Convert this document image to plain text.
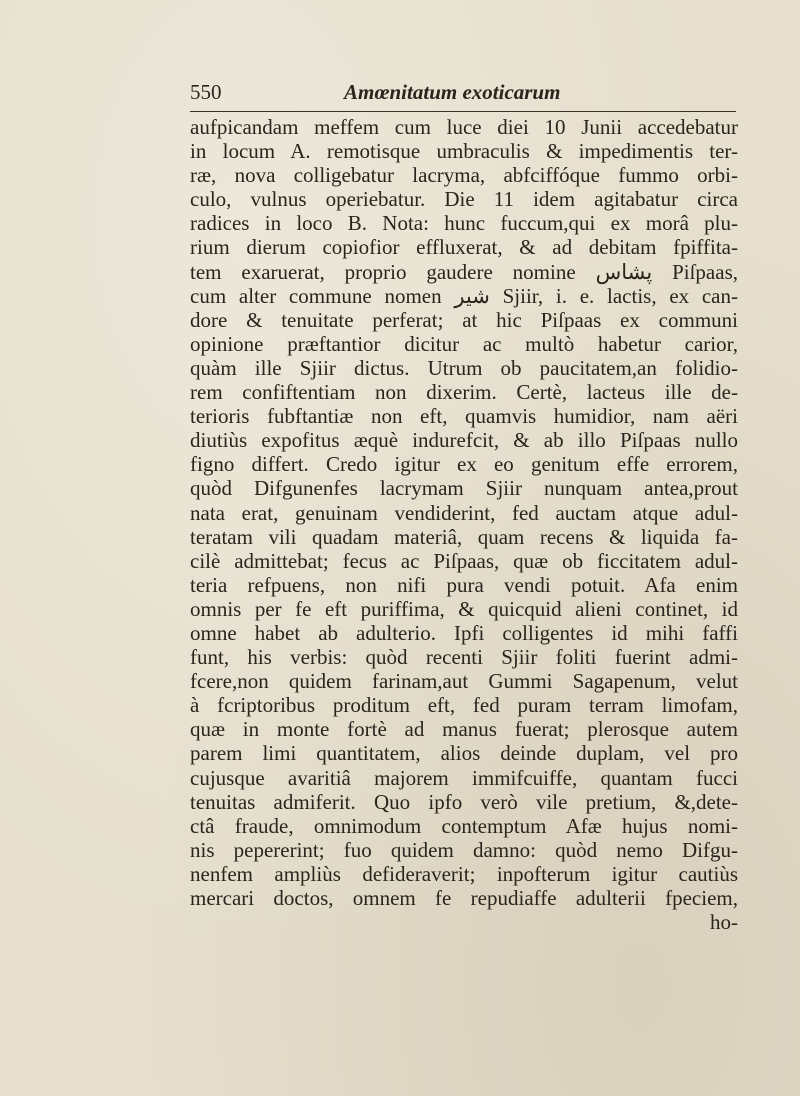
550	Amœnitatum exoticarum
aufpicandam meffem cum luce diei 10 Junii accedebatur
in locum A. remotisque umbraculis & impedimentis ter-
ræ, nova colligebatur lacryma, abfciffóque fummo orbi-
culo, vulnus operiebatur. Die 11 idem agitabatur circa
radices in loco B. Nota: hunc fuccum,qui ex morâ plu-
rium dierum copiofior effluxerat, & ad debitam fpiffita-
tem exaruerat, proprio gaudere nomine پشاس Piſpaas,
cum alter commune nomen شير Sjiir, i. e. lactis, ex can-
dore & tenuitate perferat; at hic Piſpaas ex communi
opinione præftantior dicitur ac multò habetur carior,
quàm ille Sjiir dictus. Utrum ob paucitatem,an folidio-
rem confiftentiam non dixerim. Certè, lacteus ille de-
terioris fubftantiæ non eft, quamvis humidior, nam aëri
diutiùs expofitus æquè indurefcit, & ab illo Piſpaas nullo
figno differt. Credo igitur ex eo genitum effe errorem,
quòd Difgunenfes lacrymam Sjiir nunquam antea,prout
nata erat, genuinam vendiderint, fed auctam atque adul-
teratam vili quadam materiâ, quam recens & liquida fa-
cilè admittebat; fecus ac Piſpaas, quæ ob ficcitatem adul-
teria refpuens, non nifi pura vendi potuit. Afa enim
omnis per fe eft puriffima, & quicquid alieni continet, id
omne habet ab adulterio. Ipfi colligentes id mihi faffi
funt, his verbis: quòd recenti Sjiir foliti fuerint admi-
fcere,non quidem farinam,aut Gummi Sagapenum, velut
à fcriptoribus proditum eft, fed puram terram limofam,
quæ in monte fortè ad manus fuerat; plerosque autem
parem limi quantitatem, alios deinde duplam, vel pro
cujusque avaritiâ majorem immifcuiffe, quantam fucci
tenuitas admiferit. Quo ipfo verò vile pretium, &,dete-
ctâ fraude, omnimodum contemptum Afæ hujus nomi-
nis pepererint; fuo quidem damno: quòd nemo Difgu-
nenfem ampliùs defideraverit; inpofterum igitur cautiùs
mercari doctos, omnem fe repudiaffe adulterii fpeciem,
ho-
